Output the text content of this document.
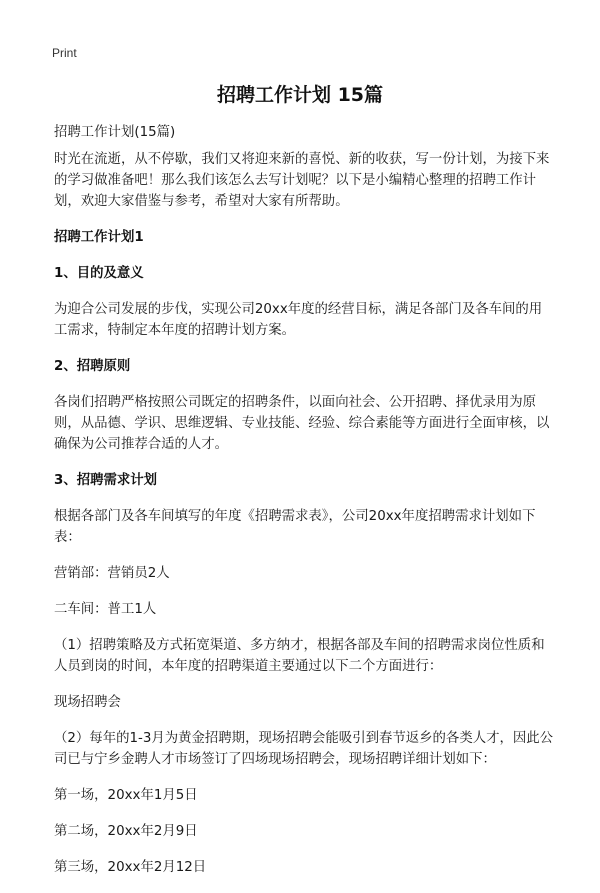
Print
招聘工作计划 15篇

招聘工作计划(15篇)

时光在流逝，从不停歇，我们又将迎来新的喜悦、新的收获，写一份计划，为接下来的学习做准备吧！那么我们该怎么去写计划呢？以下是小编精心整理的招聘工作计划，欢迎大家借鉴与参考，希望对大家有所帮助。

招聘工作计划1

1、目的及意义

为迎合公司发展的步伐，实现公司20xx年度的经营目标，满足各部门及各车间的用工需求，特制定本年度的招聘计划方案。

2、招聘原则

各岗们招聘严格按照公司既定的招聘条件，以面向社会、公开招聘、择优录用为原则，从品德、学识、思维逻辑、专业技能、经验、综合素能等方面进行全面审核，以确保为公司推荐合适的人才。

3、招聘需求计划

根据各部门及各车间填写的年度《招聘需求表》，公司20xx年度招聘需求计划如下表：

营销部：营销员2人

二车间：普工1人

（1）招聘策略及方式拓宽渠道、多方纳才，根据各部及车间的招聘需求岗位性质和人员到岗的时间，本年度的招聘渠道主要通过以下二个方面进行：

现场招聘会

（2）每年的1-3月为黄金招聘期，现场招聘会能吸引到春节返乡的各类人才，因此公司已与宁乡金聘人才市场签订了四场现场招聘会，现场招聘详细计划如下：

第一场，20xx年1月5日

第二场，20xx年2月9日

第三场，20xx年2月12日
